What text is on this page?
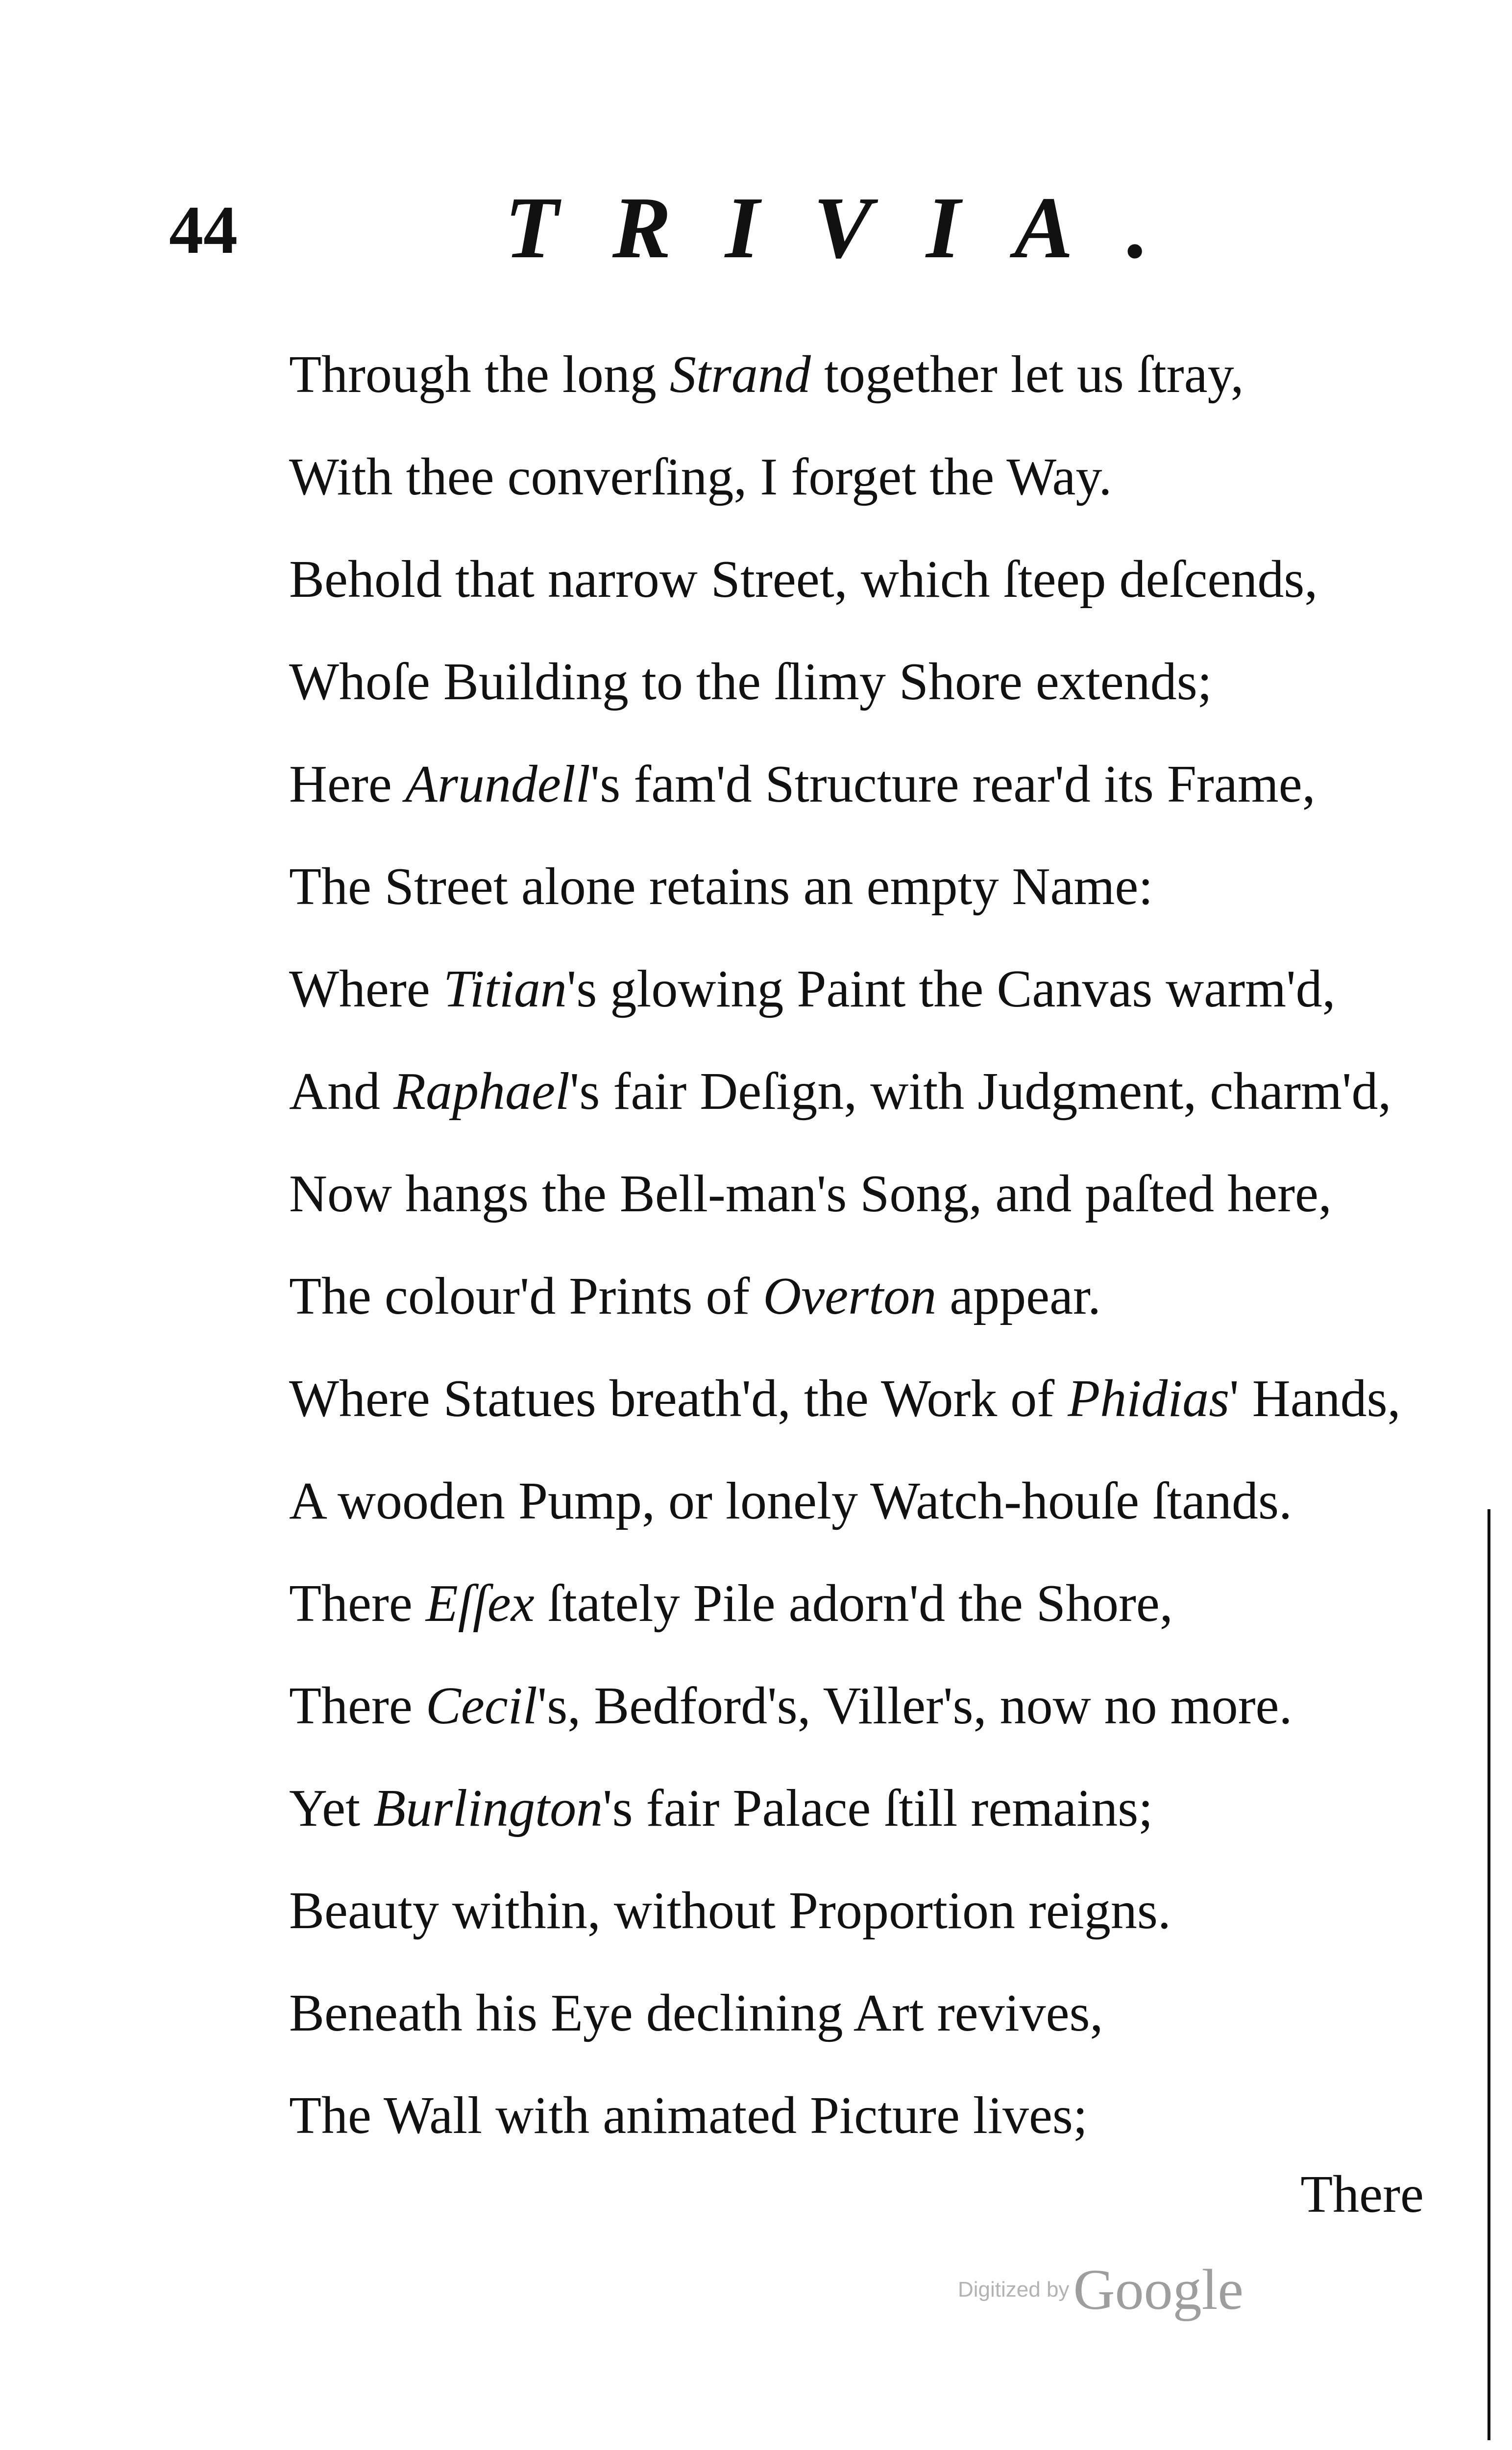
44	TRIVIA.
Through the long Strand together let us ſtray,
With thee converſing, I forget the Way.
Behold that narrow Street, which ſteep deſcends,
Whoſe Building to the ſlimy Shore extends;
Here Arundell's fam'd Structure rear'd its Frame,
The Street alone retains an empty Name:
Where Titian's glowing Paint the Canvas warm'd,
And Raphael's fair Deſign, with Judgment, charm'd,
Now hangs the Bell-man's Song, and paſted here,
The colour'd Prints of Overton appear.
Where Statues breath'd, the Work of Phidias' Hands,
A wooden Pump, or lonely Watch-houſe ſtands.
There Eſſex ſtately Pile adorn'd the Shore,
There Cecil's, Bedford's, Viller's, now no more.
Yet Burlington's fair Palace ſtill remains;
Beauty within, without Proportion reigns.
Beneath his Eye declining Art revives,
The Wall with animated Picture lives;
There
Digitized by Google
